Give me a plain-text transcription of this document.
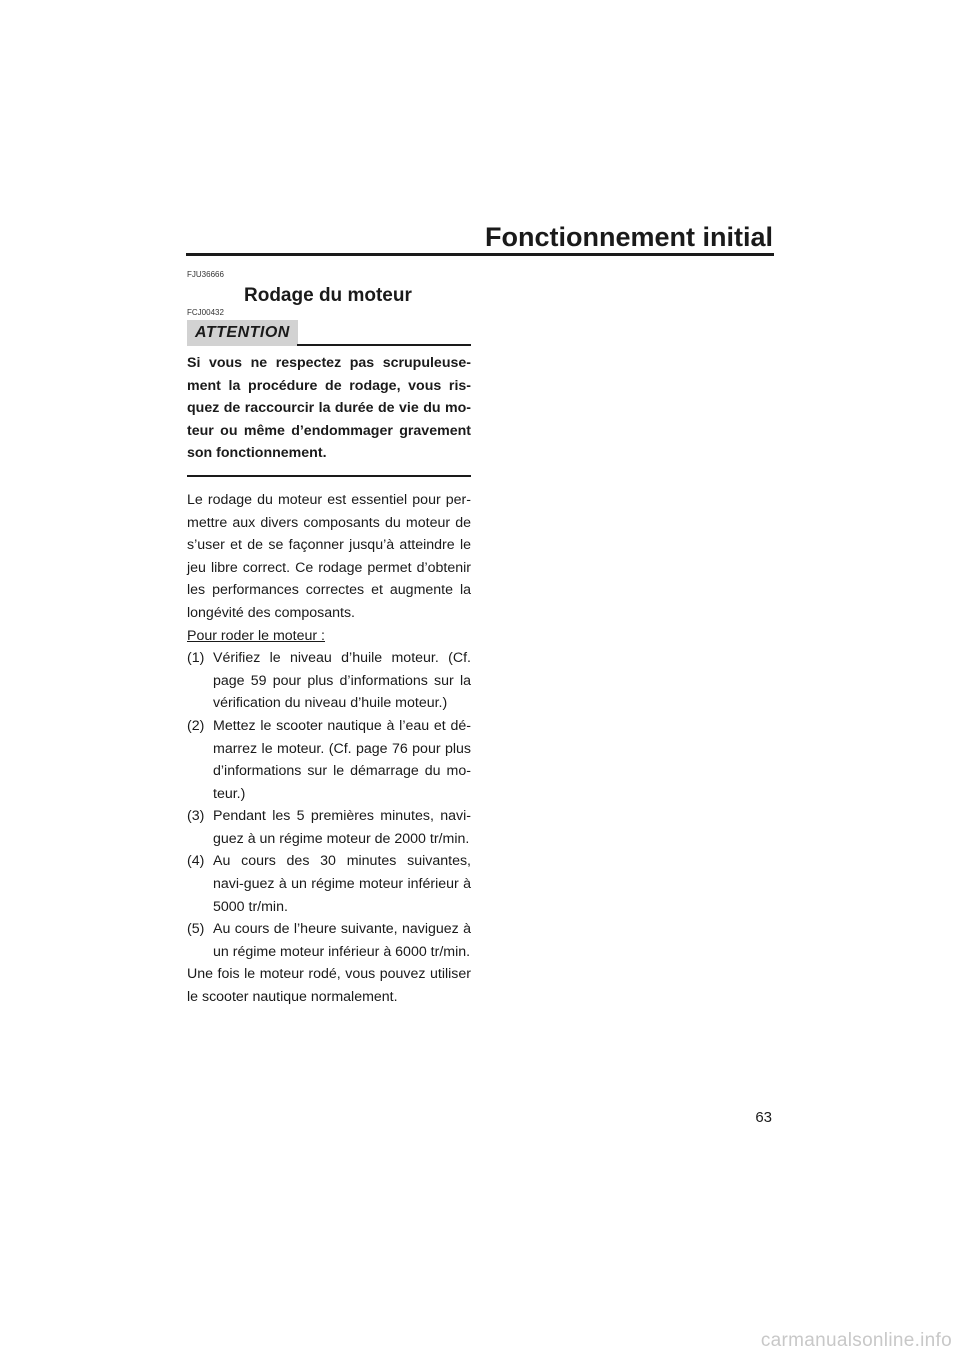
Fonctionnement initial
FJU36666
Rodage du moteur
FCJ00432
ATTENTION
Si vous ne respectez pas scrupuleuse-ment la procédure de rodage, vous ris-quez de raccourcir la durée de vie du mo-teur ou même d’endommager gravement son fonctionnement.
Le rodage du moteur est essentiel pour per-mettre aux divers composants du moteur de s’user et de se façonner jusqu’à atteindre le jeu libre correct. Ce rodage permet d’obtenir les performances correctes et augmente la longévité des composants.
Pour roder le moteur :
(1) Vérifiez le niveau d’huile moteur. (Cf. page 59 pour plus d’informations sur la vérification du niveau d’huile moteur.)
(2) Mettez le scooter nautique à l’eau et dé-marrez le moteur. (Cf. page 76 pour plus d’informations sur le démarrage du mo-teur.)
(3) Pendant les 5 premières minutes, navi-guez à un régime moteur de 2000 tr/min.
(4) Au cours des 30 minutes suivantes, navi-guez à un régime moteur inférieur à 5000 tr/min.
(5) Au cours de l’heure suivante, naviguez à un régime moteur inférieur à 6000 tr/min.
Une fois le moteur rodé, vous pouvez utiliser le scooter nautique normalement.
63
carmanualsonline.info
